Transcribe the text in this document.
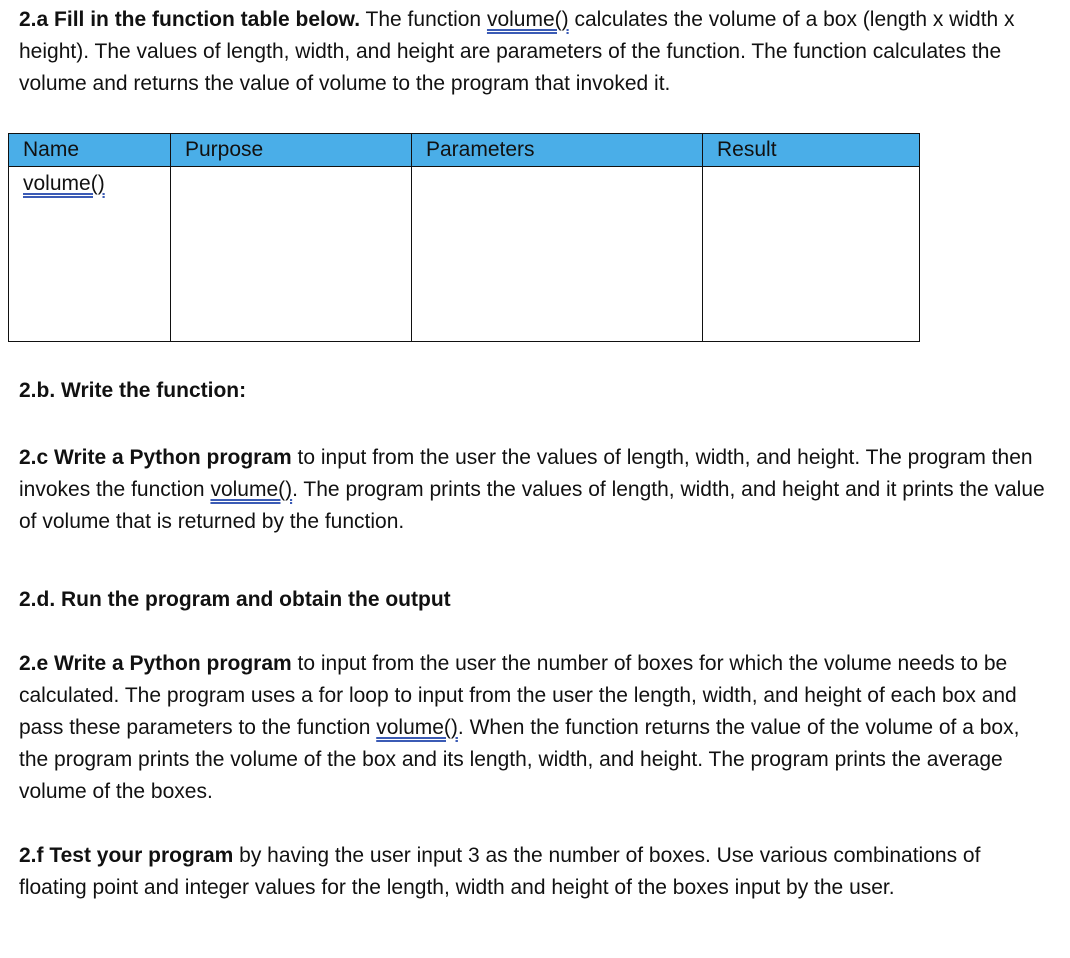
2.a Fill in the function table below. The function volume() calculates the volume of a box (length x width x height). The values of length, width, and height are parameters of the function. The function calculates the volume and returns the value of volume to the program that invoked it.

Name	Purpose	Parameters	Result
volume()			

2.b. Write the function:

2.c Write a Python program to input from the user the values of length, width, and height. The program then invokes the function volume(). The program prints the values of length, width, and height and it prints the value of volume that is returned by the function.

2.d. Run the program and obtain the output

2.e Write a Python program to input from the user the number of boxes for which the volume needs to be calculated. The program uses a for loop to input from the user the length, width, and height of each box and pass these parameters to the function volume(). When the function returns the value of the volume of a box, the program prints the volume of the box and its length, width, and height. The program prints the average volume of the boxes.

2.f Test your program by having the user input 3 as the number of boxes. Use various combinations of floating point and integer values for the length, width and height of the boxes input by the user.
